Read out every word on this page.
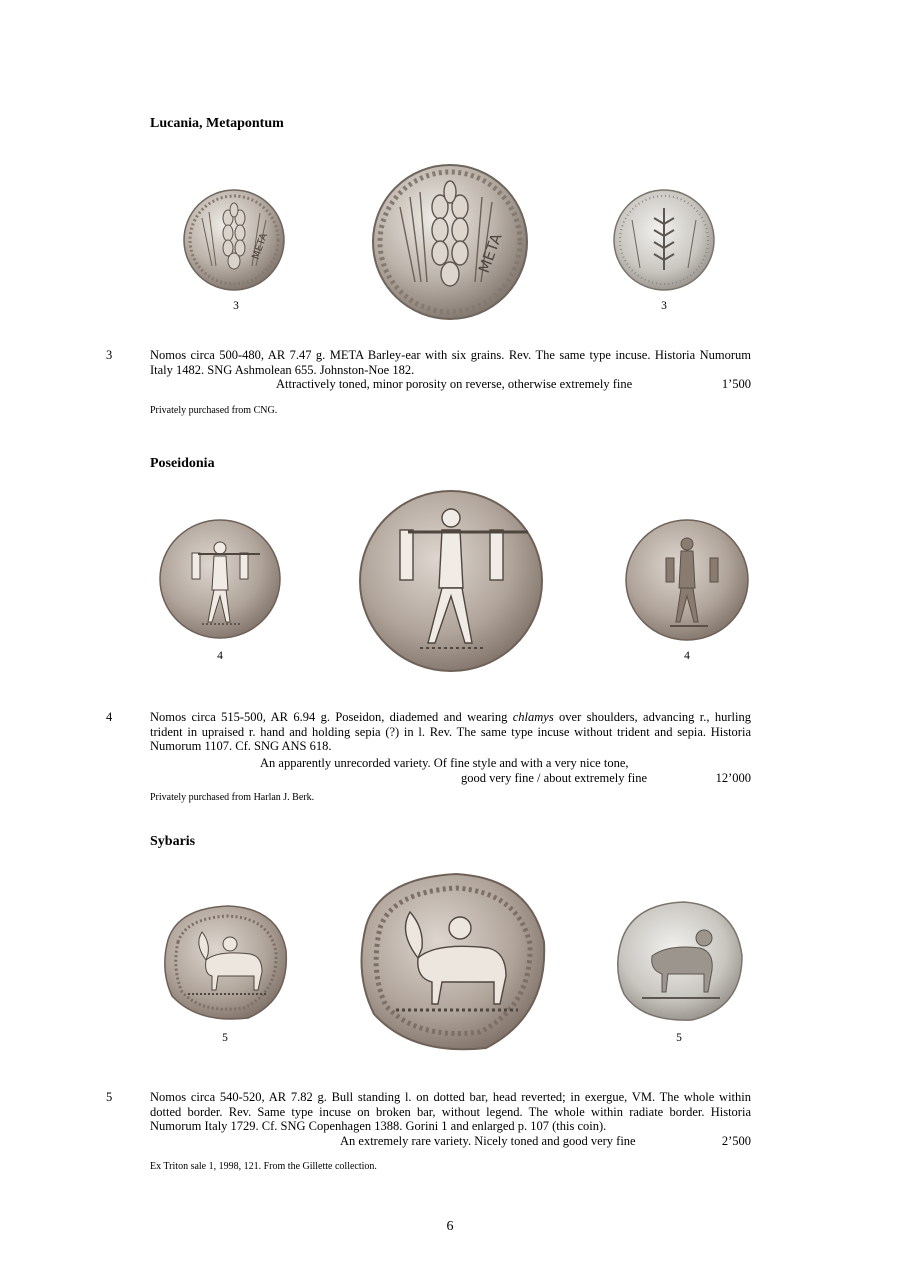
Lucania, Metapontum
META	META
3	3
3	Nomos circa 500-480, AR 7.47 g. META Barley-ear with six grains. Rev. The same type incuse. Historia Numorum Italy 1482. SNG Ashmolean 655. Johnston-Noe 182.
Attractively toned, minor porosity on reverse, otherwise extremely fine	1’500
Privately purchased from CNG.
Poseidonia
4	4
4	Nomos circa 515-500, AR 6.94 g. Poseidon, diademed and wearing chlamys over shoulders, advancing r., hurling trident in upraised r. hand and holding sepia (?) in l. Rev. The same type incuse without trident and sepia. Historia Numorum 1107. Cf. SNG ANS 618.
An apparently unrecorded variety. Of fine style and with a very nice tone,
good very fine / about extremely fine	12’000
Privately purchased from Harlan J. Berk.
Sybaris
5	5
5	Nomos circa 540-520, AR 7.82 g. Bull standing l. on dotted bar, head reverted; in exergue, VM. The whole within dotted border. Rev. Same type incuse on broken bar, without legend. The whole within radiate border. Historia Numorum Italy 1729. Cf. SNG Copenhagen 1388. Gorini 1 and enlarged p. 107 (this coin).
An extremely rare variety. Nicely toned and good very fine	2’500
Ex Triton sale 1, 1998, 121. From the Gillette collection.
6
